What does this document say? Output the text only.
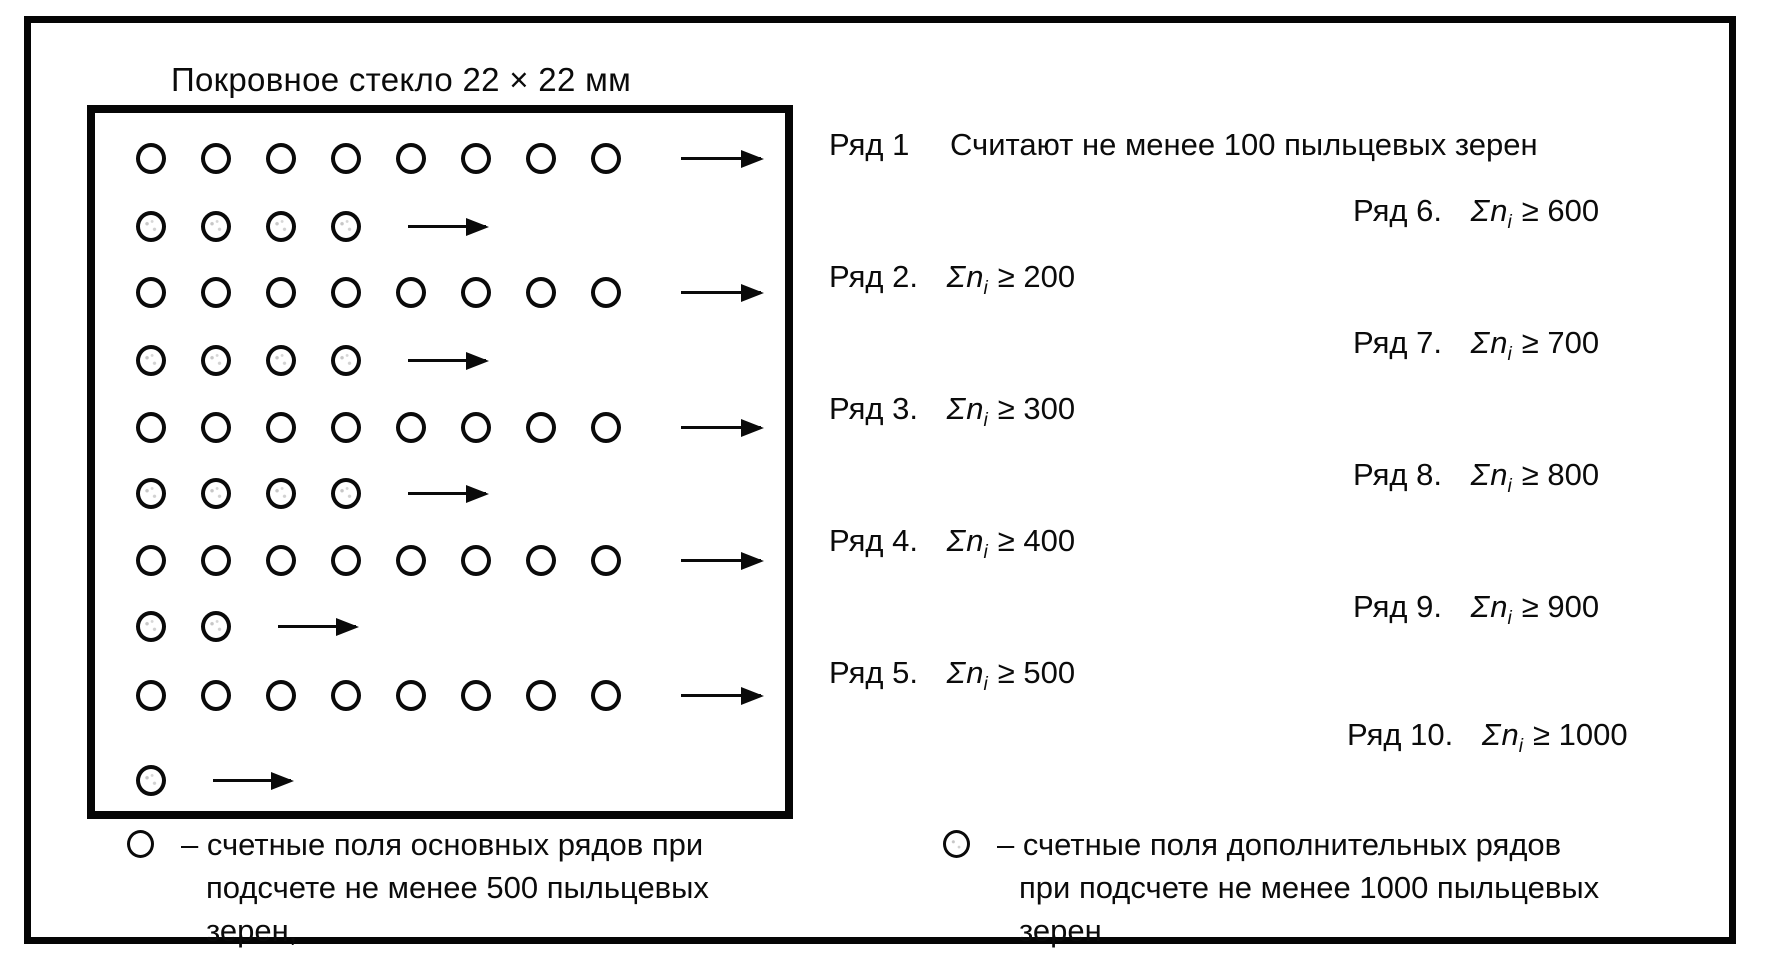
Покровное стекло 22 × 22 мм
Ряд 1 Считают не менее 100 пыльцевых зерен
Ряд 2. $\Sigma n_i \ge 200$
Ряд 3. $\Sigma n_i \ge 300$
Ряд 4. $\Sigma n_i \ge 400$
Ряд 5. $\Sigma n_i \ge 500$
Ряд 6. $\Sigma n_i \ge 600$
Ряд 7. $\Sigma n_i \ge 700$
Ряд 8. $\Sigma n_i \ge 800$
Ряд 9. $\Sigma n_i \ge 900$
Ряд 10. $\Sigma n_i \ge 1000$
– счетные поля основных рядов при
подсчете не менее 500 пыльцевых
зерен,
– счетные поля дополнительных рядов
при подсчете не менее 1000 пыльцевых
зерен
